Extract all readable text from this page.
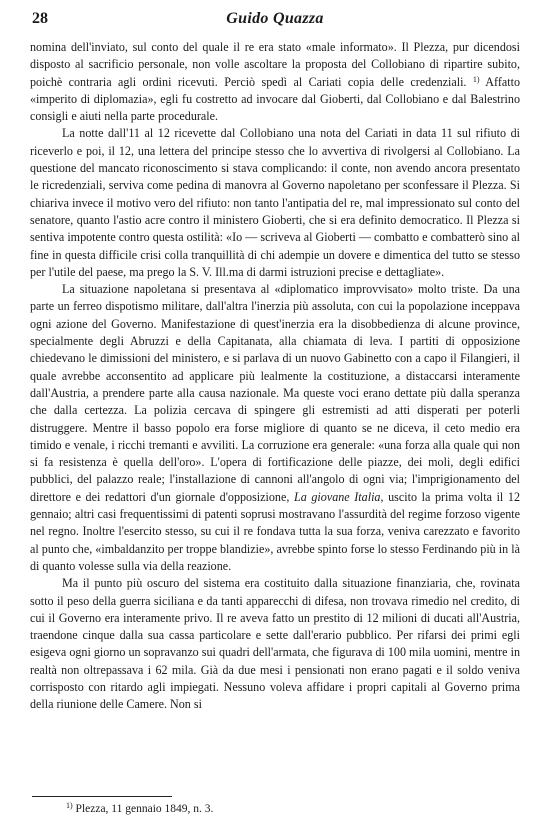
28	Guido Quazza

nomina dell'inviato, sul conto del quale il re era stato «male informato». Il Plezza, pur dicendosi disposto al sacrificio personale, non volle ascoltare la proposta del Collobiano di ripartire subito, poichè contraria agli ordini ricevuti. Perciò spedì al Cariati copia delle credenziali. $^{1)}$ Affatto «imperito di diplomazia», egli fu costretto ad invocare dal Gioberti, dal Collobiano e dal Balestrino consigli e aiuti nella parte procedurale.

La notte dall'11 al 12 ricevette dal Collobiano una nota del Cariati in data 11 sul rifiuto di riceverlo e poi, il 12, una lettera del principe stesso che lo avvertiva di rivolgersi al Collobiano. La questione del mancato riconoscimento si stava complicando: il conte, non avendo ancora presentato le ricredenziali, serviva come pedina di manovra al Governo napoletano per sconfessare il Plezza. Si chiariva invece il motivo vero del rifiuto: non tanto l'antipatia del re, mal impressionato sul conto del senatore, quanto l'astio acre contro il ministero Gioberti, che si era definito democratico. Il Plezza si sentiva impotente contro questa ostilità: «Io — scriveva al Gioberti — combatto e combatterò sino al fine in questa difficile crisi colla tranquillità di chi adempie un dovere e dimentica del tutto se stesso per l'utile del paese, ma prego la S. V. Ill.ma di darmi istruzioni precise e dettagliate».

La situazione napoletana si presentava al «diplomatico improvvisato» molto triste. Da una parte un ferreo dispotismo militare, dall'altra l'inerzia più assoluta, con cui la popolazione inceppava ogni azione del Governo. Manifestazione di quest'inerzia era la disobbedienza di alcune province, specialmente degli Abruzzi e della Capitanata, alla chiamata di leva. I partiti di opposizione chiedevano le dimissioni del ministero, e si parlava di un nuovo Gabinetto con a capo il Filangieri, il quale avrebbe acconsentito ad applicare più lealmente la costituzione, a distaccarsi interamente dall'Austria, a prendere parte alla causa nazionale. Ma queste voci erano dettate più dalla speranza che dalla certezza. La polizia cercava di spingere gli estremisti ad atti disperati per poterli distruggere. Mentre il basso popolo era forse migliore di quanto se ne diceva, il ceto medio era timido e venale, i ricchi tremanti e avviliti. La corruzione era generale: «una forza alla quale qui non si fa resistenza è quella dell'oro». L'opera di fortificazione delle piazze, dei moli, degli edifici pubblici, del palazzo reale; l'installazione di cannoni all'angolo di ogni via; l'imprigionamento del direttore e dei redattori d'un giornale d'opposizione, La giovane Italia, uscito la prima volta il 12 gennaio; altri casi frequentissimi di patenti soprusi mostravano l'assurdità del regime forzoso vigente nel regno. Inoltre l'esercito stesso, su cui il re fondava tutta la sua forza, veniva carezzato e favorito al punto che, «imbaldanzito per troppe blandizie», avrebbe spinto forse lo stesso Ferdinando più in là di quanto volesse sulla via della reazione.

Ma il punto più oscuro del sistema era costituito dalla situazione finanziaria, che, rovinata sotto il peso della guerra siciliana e da tanti apparecchi di difesa, non trovava rimedio nel credito, di cui il Governo era interamente privo. Il re aveva fatto un prestito di 12 milioni di ducati all'Austria, traendone cinque dalla sua cassa particolare e sette dall'erario pubblico. Per rifarsi dei primi egli esigeva ogni giorno un sopravanzo sui quadri dell'armata, che figurava di 100 mila uomini, mentre in realtà non oltrepassava i 62 mila. Già da due mesi i pensionati non erano pagati e il soldo veniva corrisposto con ritardo agli impiegati. Nessuno voleva affidare i propri capitali al Governo prima della riunione delle Camere. Non si

$^{1)}$ Plezza, 11 gennaio 1849, n. 3.
